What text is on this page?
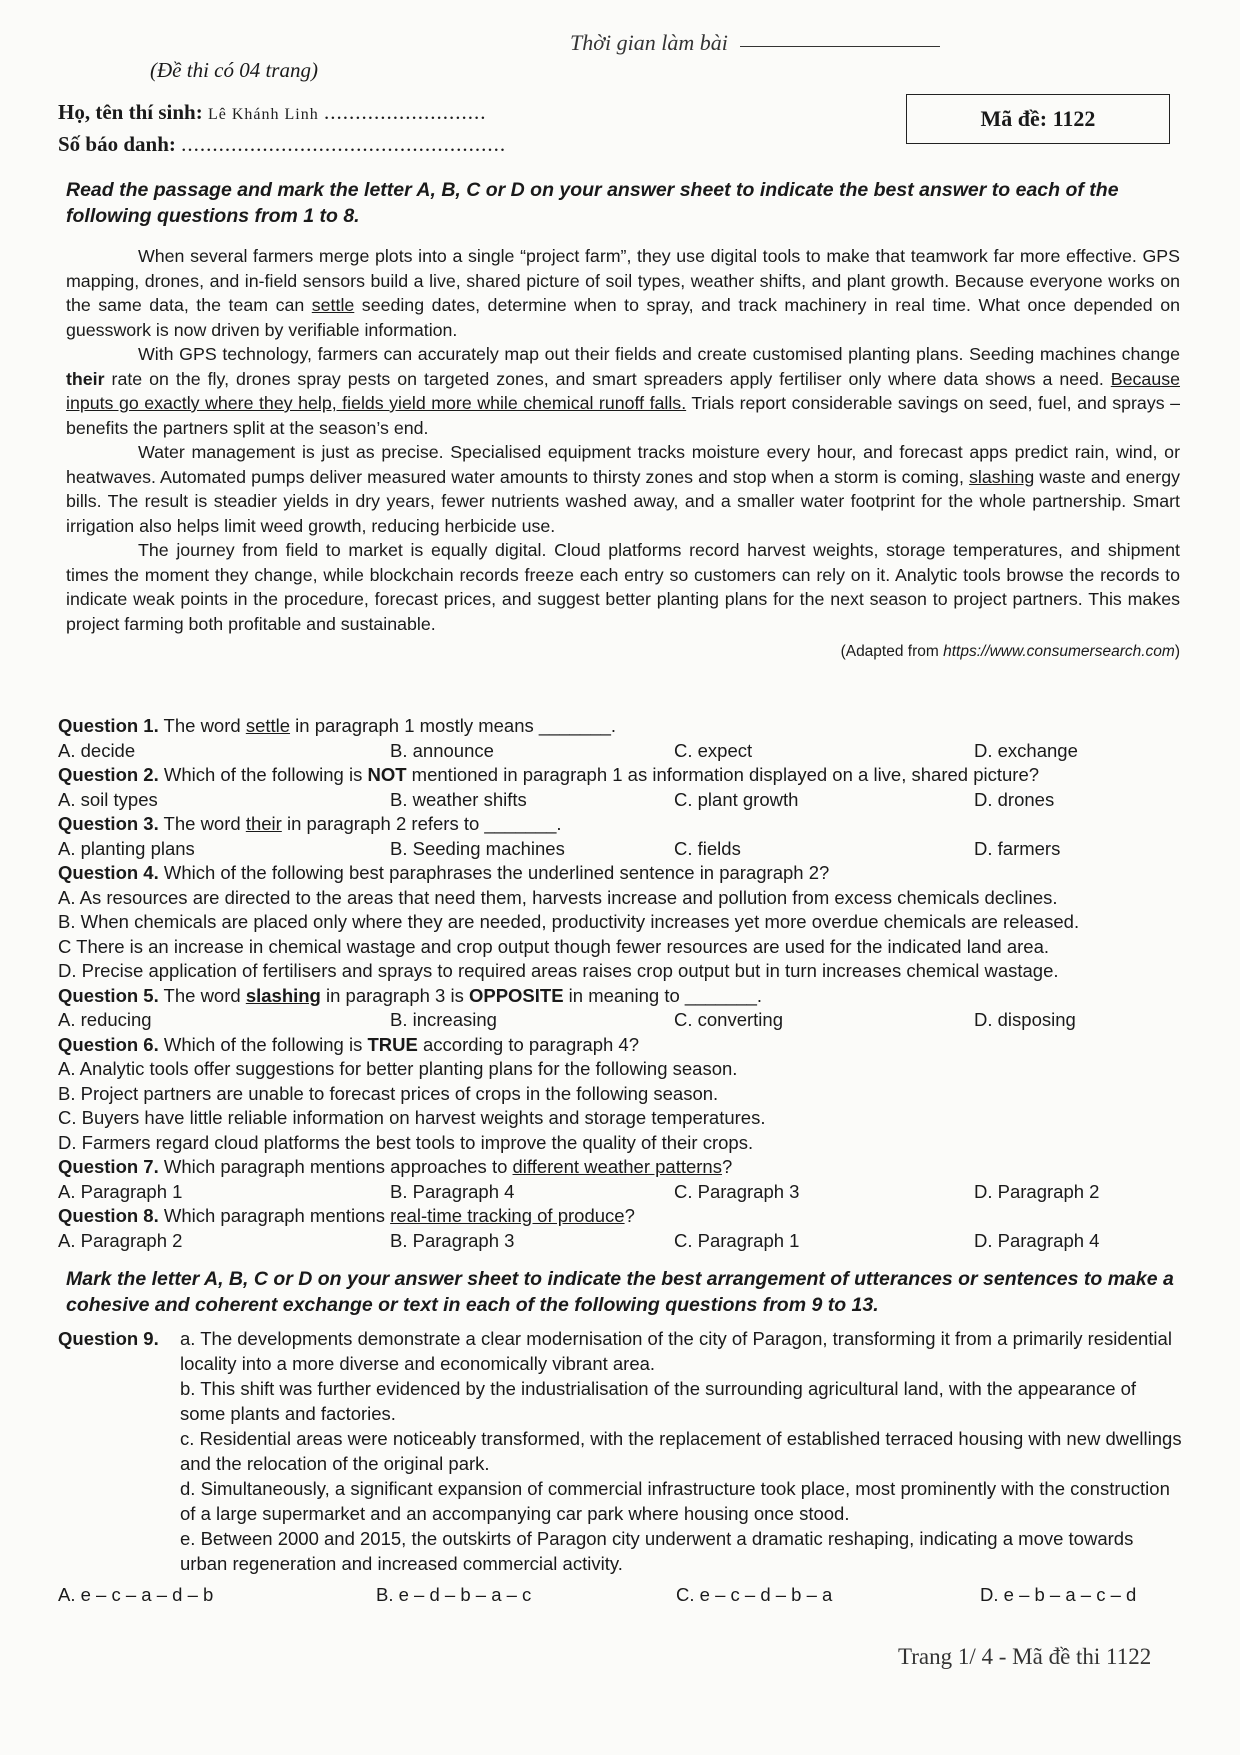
Thời gian làm bài
(Đề thi có 04 trang)
Họ, tên thí sinh: Lê Khánh Linh ..........................
Số báo danh: ....................................................
Mã đề: 1122
Read the passage and mark the letter A, B, C or D on your answer sheet to indicate the best answer to each of the following questions from 1 to 8.

When several farmers merge plots into a single “project farm”, they use digital tools to make that teamwork far more effective. GPS mapping, drones, and in-field sensors build a live, shared picture of soil types, weather shifts, and plant growth. Because everyone works on the same data, the team can settle seeding dates, determine when to spray, and track machinery in real time. What once depended on guesswork is now driven by verifiable information.

With GPS technology, farmers can accurately map out their fields and create customised planting plans. Seeding machines change their rate on the fly, drones spray pests on targeted zones, and smart spreaders apply fertiliser only where data shows a need. Because inputs go exactly where they help, fields yield more while chemical runoff falls. Trials report considerable savings on seed, fuel, and sprays – benefits the partners split at the season’s end.

Water management is just as precise. Specialised equipment tracks moisture every hour, and forecast apps predict rain, wind, or heatwaves. Automated pumps deliver measured water amounts to thirsty zones and stop when a storm is coming, slashing waste and energy bills. The result is steadier yields in dry years, fewer nutrients washed away, and a smaller water footprint for the whole partnership. Smart irrigation also helps limit weed growth, reducing herbicide use.

The journey from field to market is equally digital. Cloud platforms record harvest weights, storage temperatures, and shipment times the moment they change, while blockchain records freeze each entry so customers can rely on it. Analytic tools browse the records to indicate weak points in the procedure, forecast prices, and suggest better planting plans for the next season to project partners. This makes project farming both profitable and sustainable.

(Adapted from https://www.consumersearch.com)

Question 1. The word settle in paragraph 1 mostly means _______.

A. decide	B. announce	C. expect	D. exchange

Question 2. Which of the following is NOT mentioned in paragraph 1 as information displayed on a live, shared picture?

A. soil types	B. weather shifts	C. plant growth	D. drones

Question 3. The word their in paragraph 2 refers to _______.

A. planting plans	B. Seeding machines	C. fields	D. farmers

Question 4. Which of the following best paraphrases the underlined sentence in paragraph 2?

A. As resources are directed to the areas that need them, harvests increase and pollution from excess chemicals declines.

B. When chemicals are placed only where they are needed, productivity increases yet more overdue chemicals are released.

C There is an increase in chemical wastage and crop output though fewer resources are used for the indicated land area.

D. Precise application of fertilisers and sprays to required areas raises crop output but in turn increases chemical wastage.

Question 5. The word slashing in paragraph 3 is OPPOSITE in meaning to _______.

A. reducing	B. increasing	C. converting	D. disposing

Question 6. Which of the following is TRUE according to paragraph 4?

A. Analytic tools offer suggestions for better planting plans for the following season.

B. Project partners are unable to forecast prices of crops in the following season.

C. Buyers have little reliable information on harvest weights and storage temperatures.

D. Farmers regard cloud platforms the best tools to improve the quality of their crops.

Question 7. Which paragraph mentions approaches to different weather patterns?

A. Paragraph 1	B. Paragraph 4	C. Paragraph 3	D. Paragraph 2

Question 8. Which paragraph mentions real-time tracking of produce?

A. Paragraph 2	B. Paragraph 3	C. Paragraph 1	D. Paragraph 4
Mark the letter A, B, C or D on your answer sheet to indicate the best arrangement of utterances or sentences to make a cohesive and coherent exchange or text in each of the following questions from 9 to 13.
Question 9.	a. The developments demonstrate a clear modernisation of the city of Paragon, transforming it from a primarily residential locality into a more diverse and economically vibrant area.

b. This shift was further evidenced by the industrialisation of the surrounding agricultural land, with the appearance of some plants and factories.

c. Residential areas were noticeably transformed, with the replacement of established terraced housing with new dwellings and the relocation of the original park.

d. Simultaneously, a significant expansion of commercial infrastructure took place, most prominently with the construction of a large supermarket and an accompanying car park where housing once stood.

e. Between 2000 and 2015, the outskirts of Paragon city underwent a dramatic reshaping, indicating a move towards urban regeneration and increased commercial activity.

A. e – c – a – d – b	B. e – d – b – a – c	C. e – c – d – b – a	D. e – b – a – c – d
Trang 1/ 4 - Mã đề thi 1122
